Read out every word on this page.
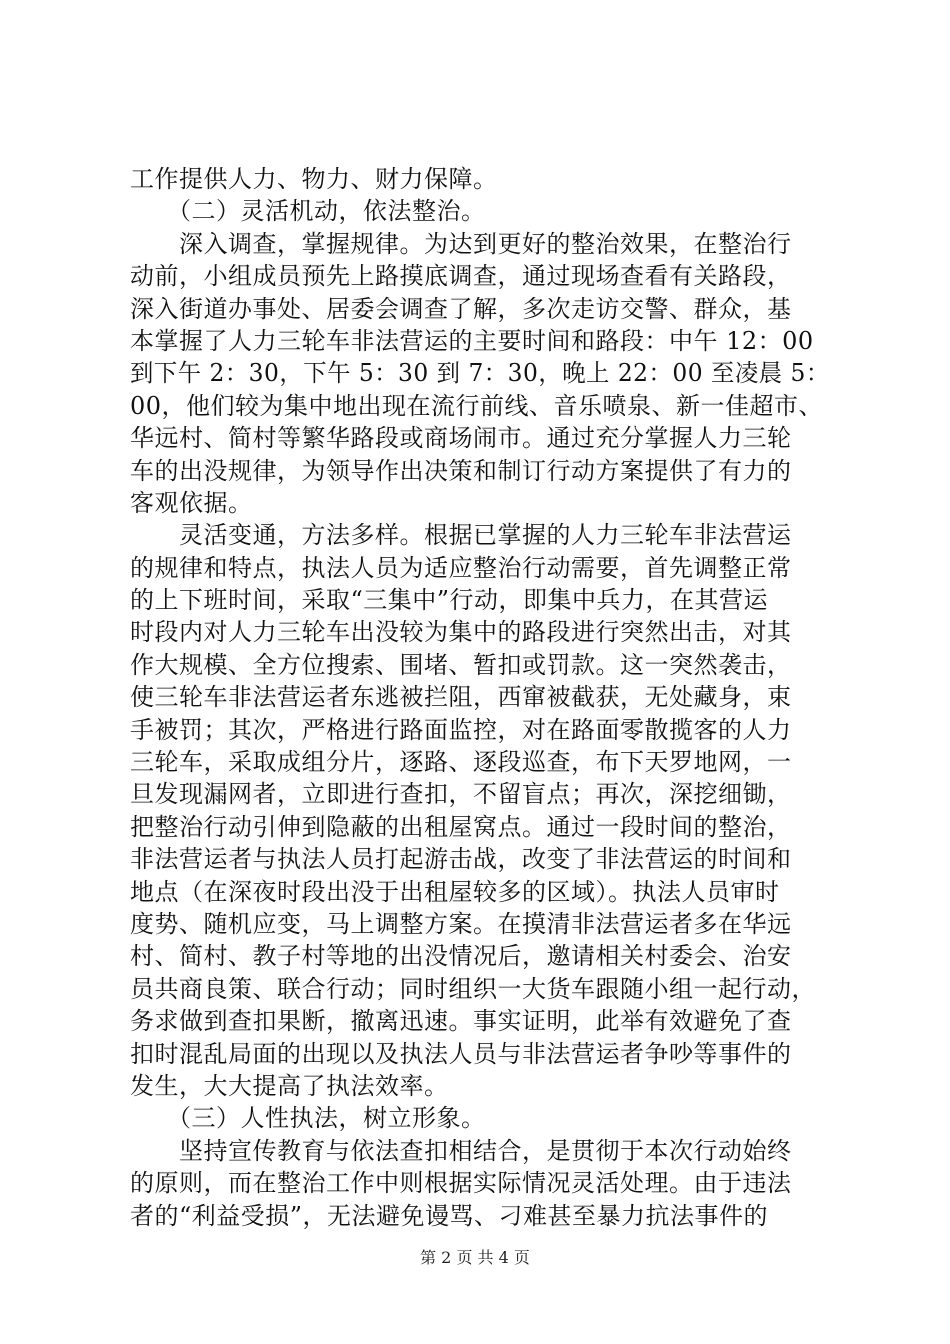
工作提供人力、物力、财力保障。
　　（二）灵活机动，依法整治。
　　深入调查，掌握规律。为达到更好的整治效果，在整治行
动前，小组成员预先上路摸底调查，通过现场查看有关路段，
深入街道办事处、居委会调查了解，多次走访交警、群众，基
本掌握了人力三轮车非法营运的主要时间和路段：中午 12：00
到下午 2：30，下午 5：30 到 7：30，晚上 22：00 至凌晨 5：
00，他们较为集中地出现在流行前线、音乐喷泉、新一佳超市、
华远村、简村等繁华路段或商场闹市。通过充分掌握人力三轮
车的出没规律，为领导作出决策和制订行动方案提供了有力的
客观依据。
　　灵活变通，方法多样。根据已掌握的人力三轮车非法营运
的规律和特点，执法人员为适应整治行动需要，首先调整正常
的上下班时间，采取“三集中”行动，即集中兵力，在其营运
时段内对人力三轮车出没较为集中的路段进行突然出击，对其
作大规模、全方位搜索、围堵、暂扣或罚款。这一突然袭击，
使三轮车非法营运者东逃被拦阻，西窜被截获，无处藏身，束
手被罚；其次，严格进行路面监控，对在路面零散揽客的人力
三轮车，采取成组分片，逐路、逐段巡查，布下天罗地网，一
旦发现漏网者，立即进行查扣，不留盲点；再次，深挖细锄，
把整治行动引伸到隐蔽的出租屋窝点。通过一段时间的整治，
非法营运者与执法人员打起游击战，改变了非法营运的时间和
地点（在深夜时段出没于出租屋较多的区域）。执法人员审时
度势、随机应变，马上调整方案。在摸清非法营运者多在华远
村、简村、教子村等地的出没情况后，邀请相关村委会、治安
员共商良策、联合行动；同时组织一大货车跟随小组一起行动，
务求做到查扣果断，撤离迅速。事实证明，此举有效避免了查
扣时混乱局面的出现以及执法人员与非法营运者争吵等事件的
发生，大大提高了执法效率。
　　（三）人性执法，树立形象。
　　坚持宣传教育与依法查扣相结合，是贯彻于本次行动始终
的原则，而在整治工作中则根据实际情况灵活处理。由于违法
者的“利益受损”，无法避免谩骂、刁难甚至暴力抗法事件的
第 2 页 共 4 页
